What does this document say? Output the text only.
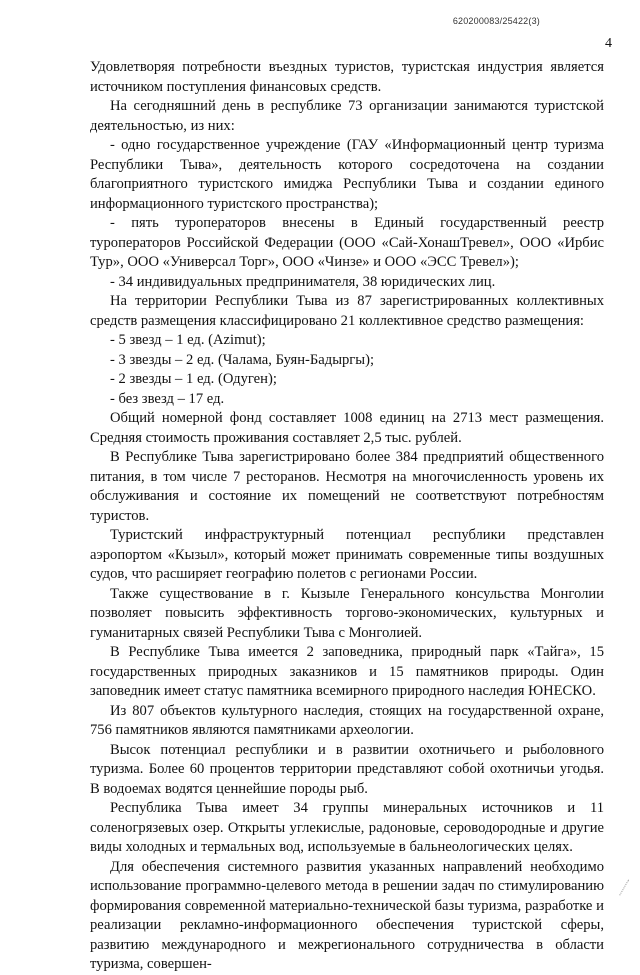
620200083/25422(3)
4

Удовлетворяя потребности въездных туристов, туристская индустрия является источником поступления финансовых средств.

На сегодняшний день в республике 73 организации занимаются туристской деятельностью, из них:

- одно государственное учреждение (ГАУ «Информационный центр туризма Республики Тыва», деятельность которого сосредоточена на создании благоприятного туристского имиджа Республики Тыва и создании единого информационного туристского пространства);

- пять туроператоров внесены в Единый государственный реестр туроператоров Российской Федерации (ООО «Сай-ХонашТревел», ООО «Ирбис Тур», ООО «Универсал Торг», ООО «Чинзе» и ООО «ЭСС Тревел»);

- 34 индивидуальных предпринимателя, 38 юридических лиц.

На территории Республики Тыва из 87 зарегистрированных коллективных средств размещения классифицировано 21 коллективное средство размещения:

- 5 звезд – 1 ед. (Azimut);

- 3 звезды – 2 ед. (Чалама, Буян-Бадыргы);

- 2 звезды – 1 ед. (Одуген);

- без звезд – 17 ед.

Общий номерной фонд составляет 1008 единиц на 2713 мест размещения. Средняя стоимость проживания составляет 2,5 тыс. рублей.

В Республике Тыва зарегистрировано более 384 предприятий общественного питания, в том числе 7 ресторанов. Несмотря на многочисленность уровень их обслуживания и состояние их помещений не соответствуют потребностям туристов.

Туристский инфраструктурный потенциал республики представлен аэропортом «Кызыл», который может принимать современные типы воздушных судов, что расширяет географию полетов с регионами России.

Также существование в г. Кызыле Генерального консульства Монголии позволяет повысить эффективность торгово-экономических, культурных и гуманитарных связей Республики Тыва с Монголией.

В Республике Тыва имеется 2 заповедника, природный парк «Тайга», 15 государственных природных заказников и 15 памятников природы. Один заповедник имеет статус памятника всемирного природного наследия ЮНЕСКО.

Из 807 объектов культурного наследия, стоящих на государственной охране, 756 памятников являются памятниками археологии.

Высок потенциал республики и в развитии охотничьего и рыболовного туризма. Более 60 процентов территории представляют собой охотничьи угодья. В водоемах водятся ценнейшие породы рыб.

Республика Тыва имеет 34 группы минеральных источников и 11 соленогрязевых озер. Открыты углекислые, радоновые, сероводородные и другие виды холодных и термальных вод, используемые в бальнеологических целях.

Для обеспечения системного развития указанных направлений необходимо использование программно-целевого метода в решении задач по стимулированию формирования современной материально-технической базы туризма, разработке и реализации рекламно-информационного обеспечения туристской сферы, развитию международного и межрегионального сотрудничества в области туризма, совершен-
